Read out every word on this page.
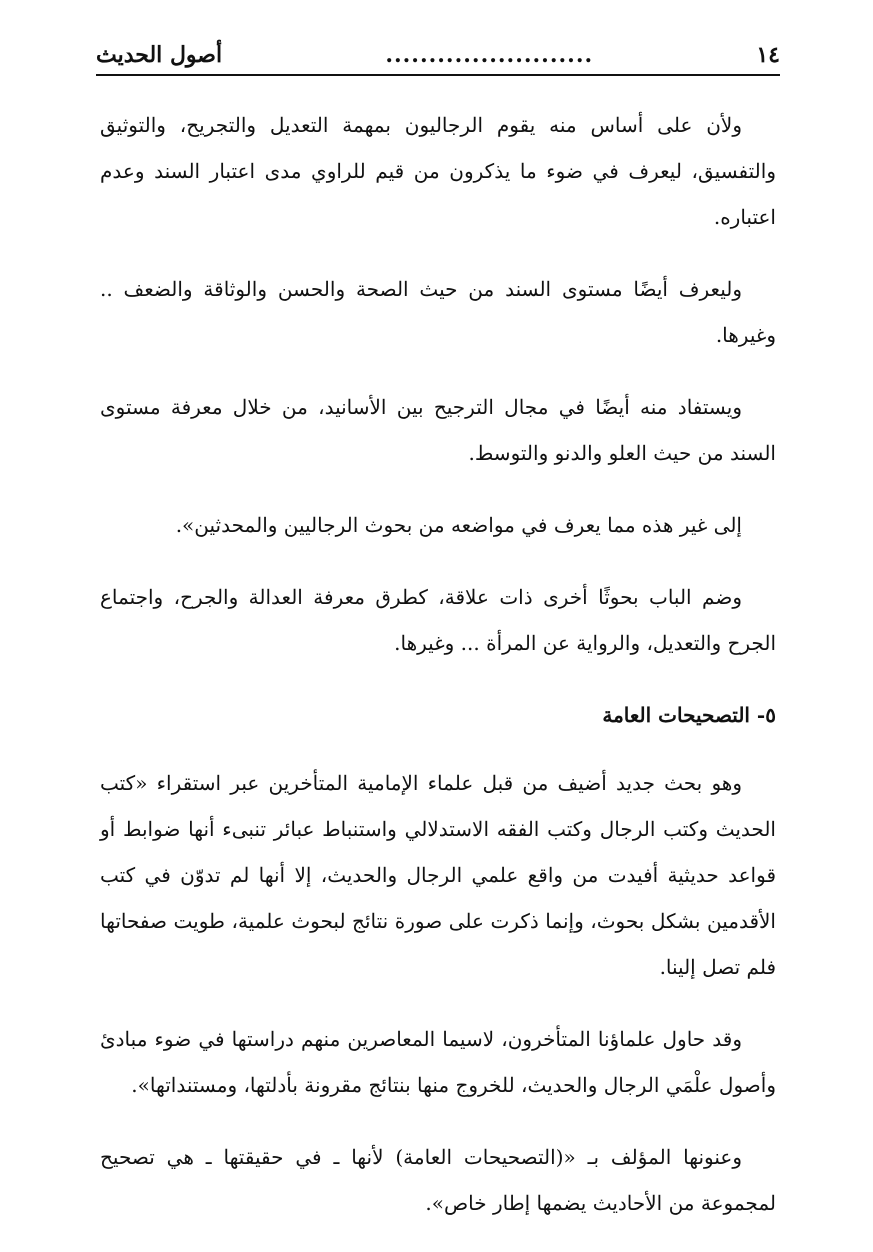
١٤
........................
أصول الحديث

ولأن على أساس منه يقوم الرجاليون بمهمة التعديل والتجريح، والتوثيق والتفسيق، ليعرف في ضوء ما يذكرون من قيم للراوي مدى اعتبار السند وعدم اعتباره.

وليعرف أيضًا مستوى السند من حيث الصحة والحسن والوثاقة والضعف .. وغيرها.

ويستفاد منه أيضًا في مجال الترجيح بين الأسانيد، من خلال معرفة مستوى السند من حيث العلو والدنو والتوسط.

إلى غير هذه مما يعرف في مواضعه من بحوث الرجاليين والمحدثين».

وضم الباب بحوثًا أخرى ذات علاقة، كطرق معرفة العدالة والجرح، واجتماع الجرح والتعديل، والرواية عن المرأة ... وغيرها.

٥- التصحيحات العامة

وهو بحث جديد أضيف من قبل علماء الإمامية المتأخرين عبر استقراء «كتب الحديث وكتب الرجال وكتب الفقه الاستدلالي واستنباط عبائر تنبىء أنها ضوابط أو قواعد حديثية أفيدت من واقع علمي الرجال والحديث، إلا أنها لم تدوّن في كتب الأقدمين بشكل بحوث، وإنما ذكرت على صورة نتائج لبحوث علمية، طويت صفحاتها فلم تصل إلينا.

وقد حاول علماؤنا المتأخرون، لاسيما المعاصرين منهم دراستها في ضوء مبادئ وأصول علْمَي الرجال والحديث، للخروج منها بنتائج مقرونة بأدلتها، ومستنداتها».

وعنونها المؤلف بـ «(التصحيحات العامة) لأنها ـ في حقيقتها ـ هي تصحيح لمجموعة من الأحاديث يضمها إطار خاص».
